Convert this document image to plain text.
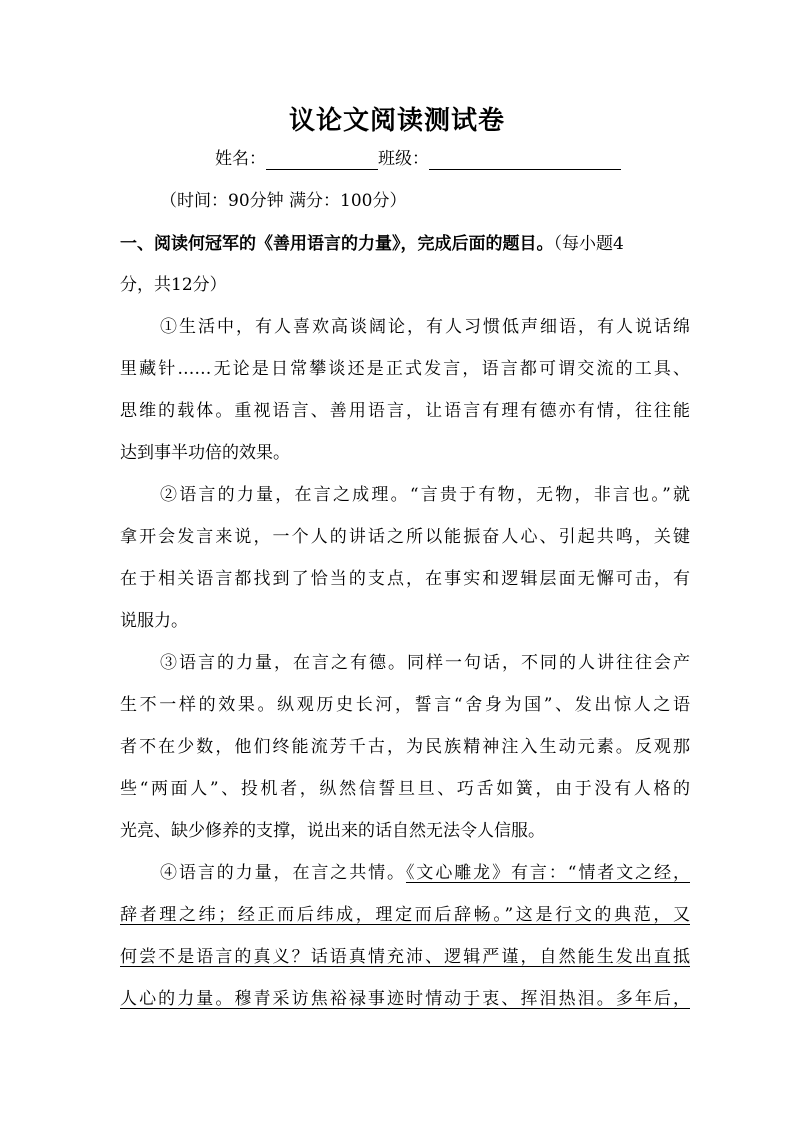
议论文阅读测试卷
姓名：	班级：
（时间：90分钟 满分：100分）
一、阅读何冠军的《善用语言的力量》，完成后面的题目。（每小题4
分，共12分）
①生活中，有人喜欢高谈阔论，有人习惯低声细语，有人说话绵
里藏针……无论是日常攀谈还是正式发言，语言都可谓交流的工具、
思维的载体。重视语言、善用语言，让语言有理有德亦有情，往往能
达到事半功倍的效果。
②语言的力量，在言之成理。“言贵于有物，无物，非言也。”就
拿开会发言来说，一个人的讲话之所以能振奋人心、引起共鸣，关键
在于相关语言都找到了恰当的支点，在事实和逻辑层面无懈可击，有
说服力。
③语言的力量，在言之有德。同样一句话，不同的人讲往往会产
生不一样的效果。纵观历史长河，誓言“舍身为国”、发出惊人之语
者不在少数，他们终能流芳千古，为民族精神注入生动元素。反观那
些“两面人”、投机者，纵然信誓旦旦、巧舌如簧，由于没有人格的
光亮、缺少修养的支撑，说出来的话自然无法令人信服。
④语言的力量，在言之共情。《文心雕龙》有言：“情者文之经，
辞者理之纬；经正而后纬成，理定而后辞畅。”这是行文的典范，又
何尝不是语言的真义？话语真情充沛、逻辑严谨，自然能生发出直抵
人心的力量。穆青采访焦裕禄事迹时情动于衷、挥泪热泪。多年后，
